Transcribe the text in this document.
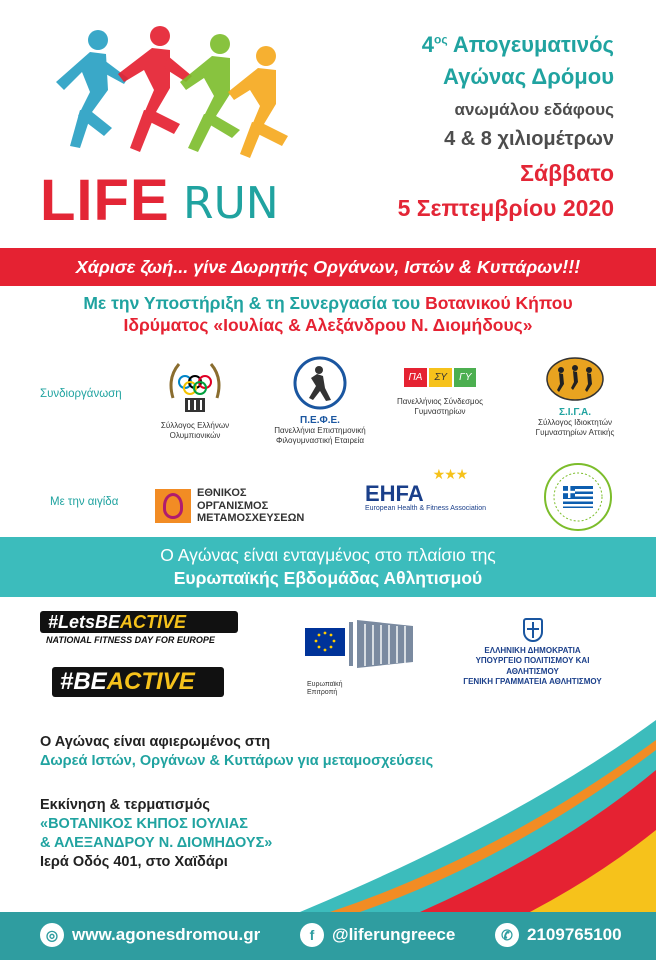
LIFE RUN
$4^{o\varsigma}$ Απογευματινός
Αγώνας Δρόμου
ανωμάλου εδάφους
4 & 8 χιλιομέτρων
Σάββατο
5 Σεπτεμβρίου 2020
Χάρισε ζωή... γίνε Δωρητής Οργάνων, Ιστών & Κυττάρων!!!
Με την Υποστήριξη & τη Συνεργασία του Βοτανικού Κήπου
Ιδρύματος «Ιουλίας & Αλεξάνδρου Ν. Διομήδους»
Συνδιοργάνωση
Σύλλογος Ελλήνων Ολυμπιονικών
Π.Ε.Φ.Ε.
Πανελλήνια Επιστημονική Φιλογυμναστική Εταιρεία
ΠΑ	ΣΥ	ΓΥ
Πανελλήνιος Σύνδεσμος Γυμναστηρίων	Σ.Ι.Γ.Α.
Σύλλογος Ιδιοκτητών Γυμναστηρίων Αττικής
Με την αιγίδα
ΕΘΝΙΚΟΣ
ΟΡΓΑΝΙΣΜΟΣ
ΜΕΤΑΜΟΣΧΕΥΣΕΩΝ
★★★
EHFA
European Health & Fitness Association
Ο Αγώνας είναι ενταγμένος στο πλαίσιο της
Ευρωπαϊκής Εβδομάδας Αθλητισμού
#LetsBEACTIVE
NATIONAL FITNESS DAY FOR EUROPE
#BEACTIVE	Ευρωπαϊκή
Επιτροπή
ΕΛΛΗΝΙΚΗ ΔΗΜΟΚΡΑΤΙΑ
ΥΠΟΥΡΓΕΙΟ ΠΟΛΙΤΙΣΜΟΥ ΚΑΙ ΑΘΛΗΤΙΣΜΟΥ
ΓΕΝΙΚΗ ΓΡΑΜΜΑΤΕΙΑ ΑΘΛΗΤΙΣΜΟΥ
Ο Αγώνας είναι αφιερωμένος στη
Δωρεά Ιστών, Οργάνων & Κυττάρων για μεταμοσχεύσεις
Εκκίνηση & τερματισμός
«ΒΟΤΑΝΙΚΟΣ ΚΗΠΟΣ ΙΟΥΛΙΑΣ
& ΑΛΕΞΑΝΔΡΟΥ Ν. ΔΙΟΜΗΔΟΥΣ»
Ιερά Οδός 401, στο Χαϊδάρι
◎ www.agonesdromou.gr	f	@liferungreece	✆ 2109765100
